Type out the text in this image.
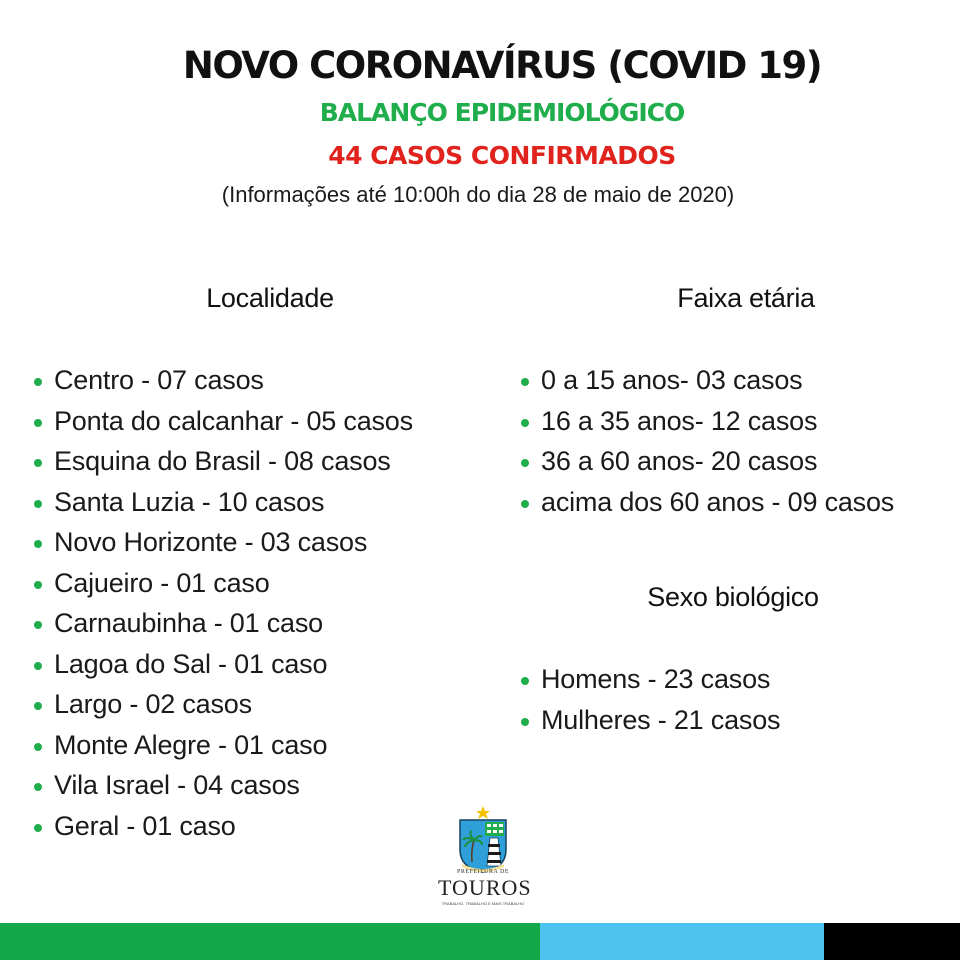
NOVO CORONAVÍRUS (COVID 19)
BALANÇO EPIDEMIOLÓGICO
44 CASOS CONFIRMADOS
(Informações até 10:00h do dia 28 de maio de 2020)
Localidade
Centro - 07 casos
Ponta do calcanhar - 05 casos
Esquina do Brasil - 08 casos
Santa Luzia - 10 casos
Novo Horizonte - 03 casos
Cajueiro - 01 caso
Carnaubinha - 01 caso
Lagoa do Sal - 01 caso
Largo - 02 casos
Monte Alegre - 01 caso
Vila Israel - 04 casos
Geral - 01 caso
Faixa etária
0 a 15 anos- 03 casos
16 a 35 anos- 12 casos
36 a 60 anos- 20 casos
acima dos 60 anos - 09 casos
Sexo biológico
Homens - 23 casos
Mulheres - 21 casos
PREFEITURA DE
TOUROS
TRABALHO, TRABALHO E MAIS TRABALHO
